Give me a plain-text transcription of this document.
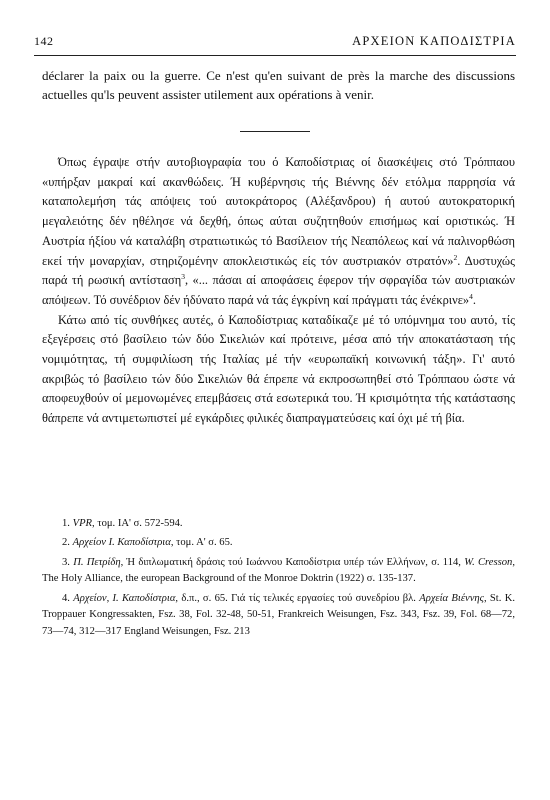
142	ΑΡΧΕΙΟΝ ΚΑΠΟΔΙΣΤΡΙΑ
déclarer la paix ou la guerre. Ce n'est qu'en suivant de près la marche des discussions actuelles qu'ls peuvent assister utilement aux opérations à venir.

Όπως έγραψε στήν αυτοβιογραφία του ό Καποδίστριας οί διασκέψεις στό Τρόππαου «υπήρξαν μακραί καί ακανθώδεις. Ή κυβέρνησις τής Βιέννης δέν ετόλμα παρρησία νά καταπολεμήση τάς απόψεις τού αυτοκράτορος (Αλέξανδρου) ή αυτού αυτοκρατορική μεγαλειότης δέν ηθέλησε νά δεχθή, όπως αύται συζητηθούν επισήμως καί οριστικώς. Ή Αυστρία ήξίου νά καταλάβη στρατιωτικώς τό Βασίλειον τής Νεαπόλεως καί νά παλινορθώση εκεί τήν μοναρχίαν, στηριζομένην αποκλειστικώς είς τόν αυστριακόν στρατόν»$^2$. Δυστυχώς παρά τή ρωσική αντίσταση$^3$, «... πάσαι αί αποφάσεις έφερον τήν σφραγίδα τών αυστριακών απόψεων. Τό συνέδριον δέν ήδύνατο παρά νά τάς έγκρίνη καί πράγματι τάς ένέκρινε»$^4$.

Κάτω από τίς συνθήκες αυτές, ό Καποδίστριας καταδίκαζε μέ τό υπόμνημα του αυτό, τίς εξεγέρσεις στό βασίλειο τών δύο Σικελιών καί πρότεινε, μέσα από τήν αποκατάσταση τής νομιμότητας, τή συμφιλίωση τής Ιταλίας μέ τήν «ευρωπαϊκή κοινωνική τάξη». Γι' αυτό ακριβώς τό βασίλειο τών δύο Σικελιών θά έπρεπε νά εκπροσωπηθεί στό Τρόππαου ώστε νά αποφευχθούν οί μεμονωμένες επεμβάσεις στά εσωτερικά του. Ή κρισιμότητα τής κατάστασης θάπρεπε νά αντιμετωπιστεί μέ εγκάρδιες φιλικές διαπραγματεύσεις καί όχι μέ τή βία.

1. VPR, τομ. ΙΑ' σ. 572-594.

2. Αρχείον Ι. Καποδίστρια, τομ. Α' σ. 65.

3. Π. Πετρίδη, Ή διπλωματική δράσις τού Ιωάννου Καποδίστρια υπέρ τών Ελλήνων, σ. 114, W. Cresson, The Holy Alliance, the european Background of the Monroe Doktrin (1922) σ. 135-137.

4. Αρχείον, Ι. Καποδίστρια, δ.π., σ. 65. Γιά τίς τελικές εργασίες τού συνεδρίου βλ. Αρχεία Βιέννης, St. K. Troppauer Kongressakten, Fsz. 38, Fol. 32-48, 50-51, Frankreich Weisungen, Fsz. 343, Fsz. 39, Fol. 68—72, 73—74, 312—317 England Weisungen, Fsz. 213
